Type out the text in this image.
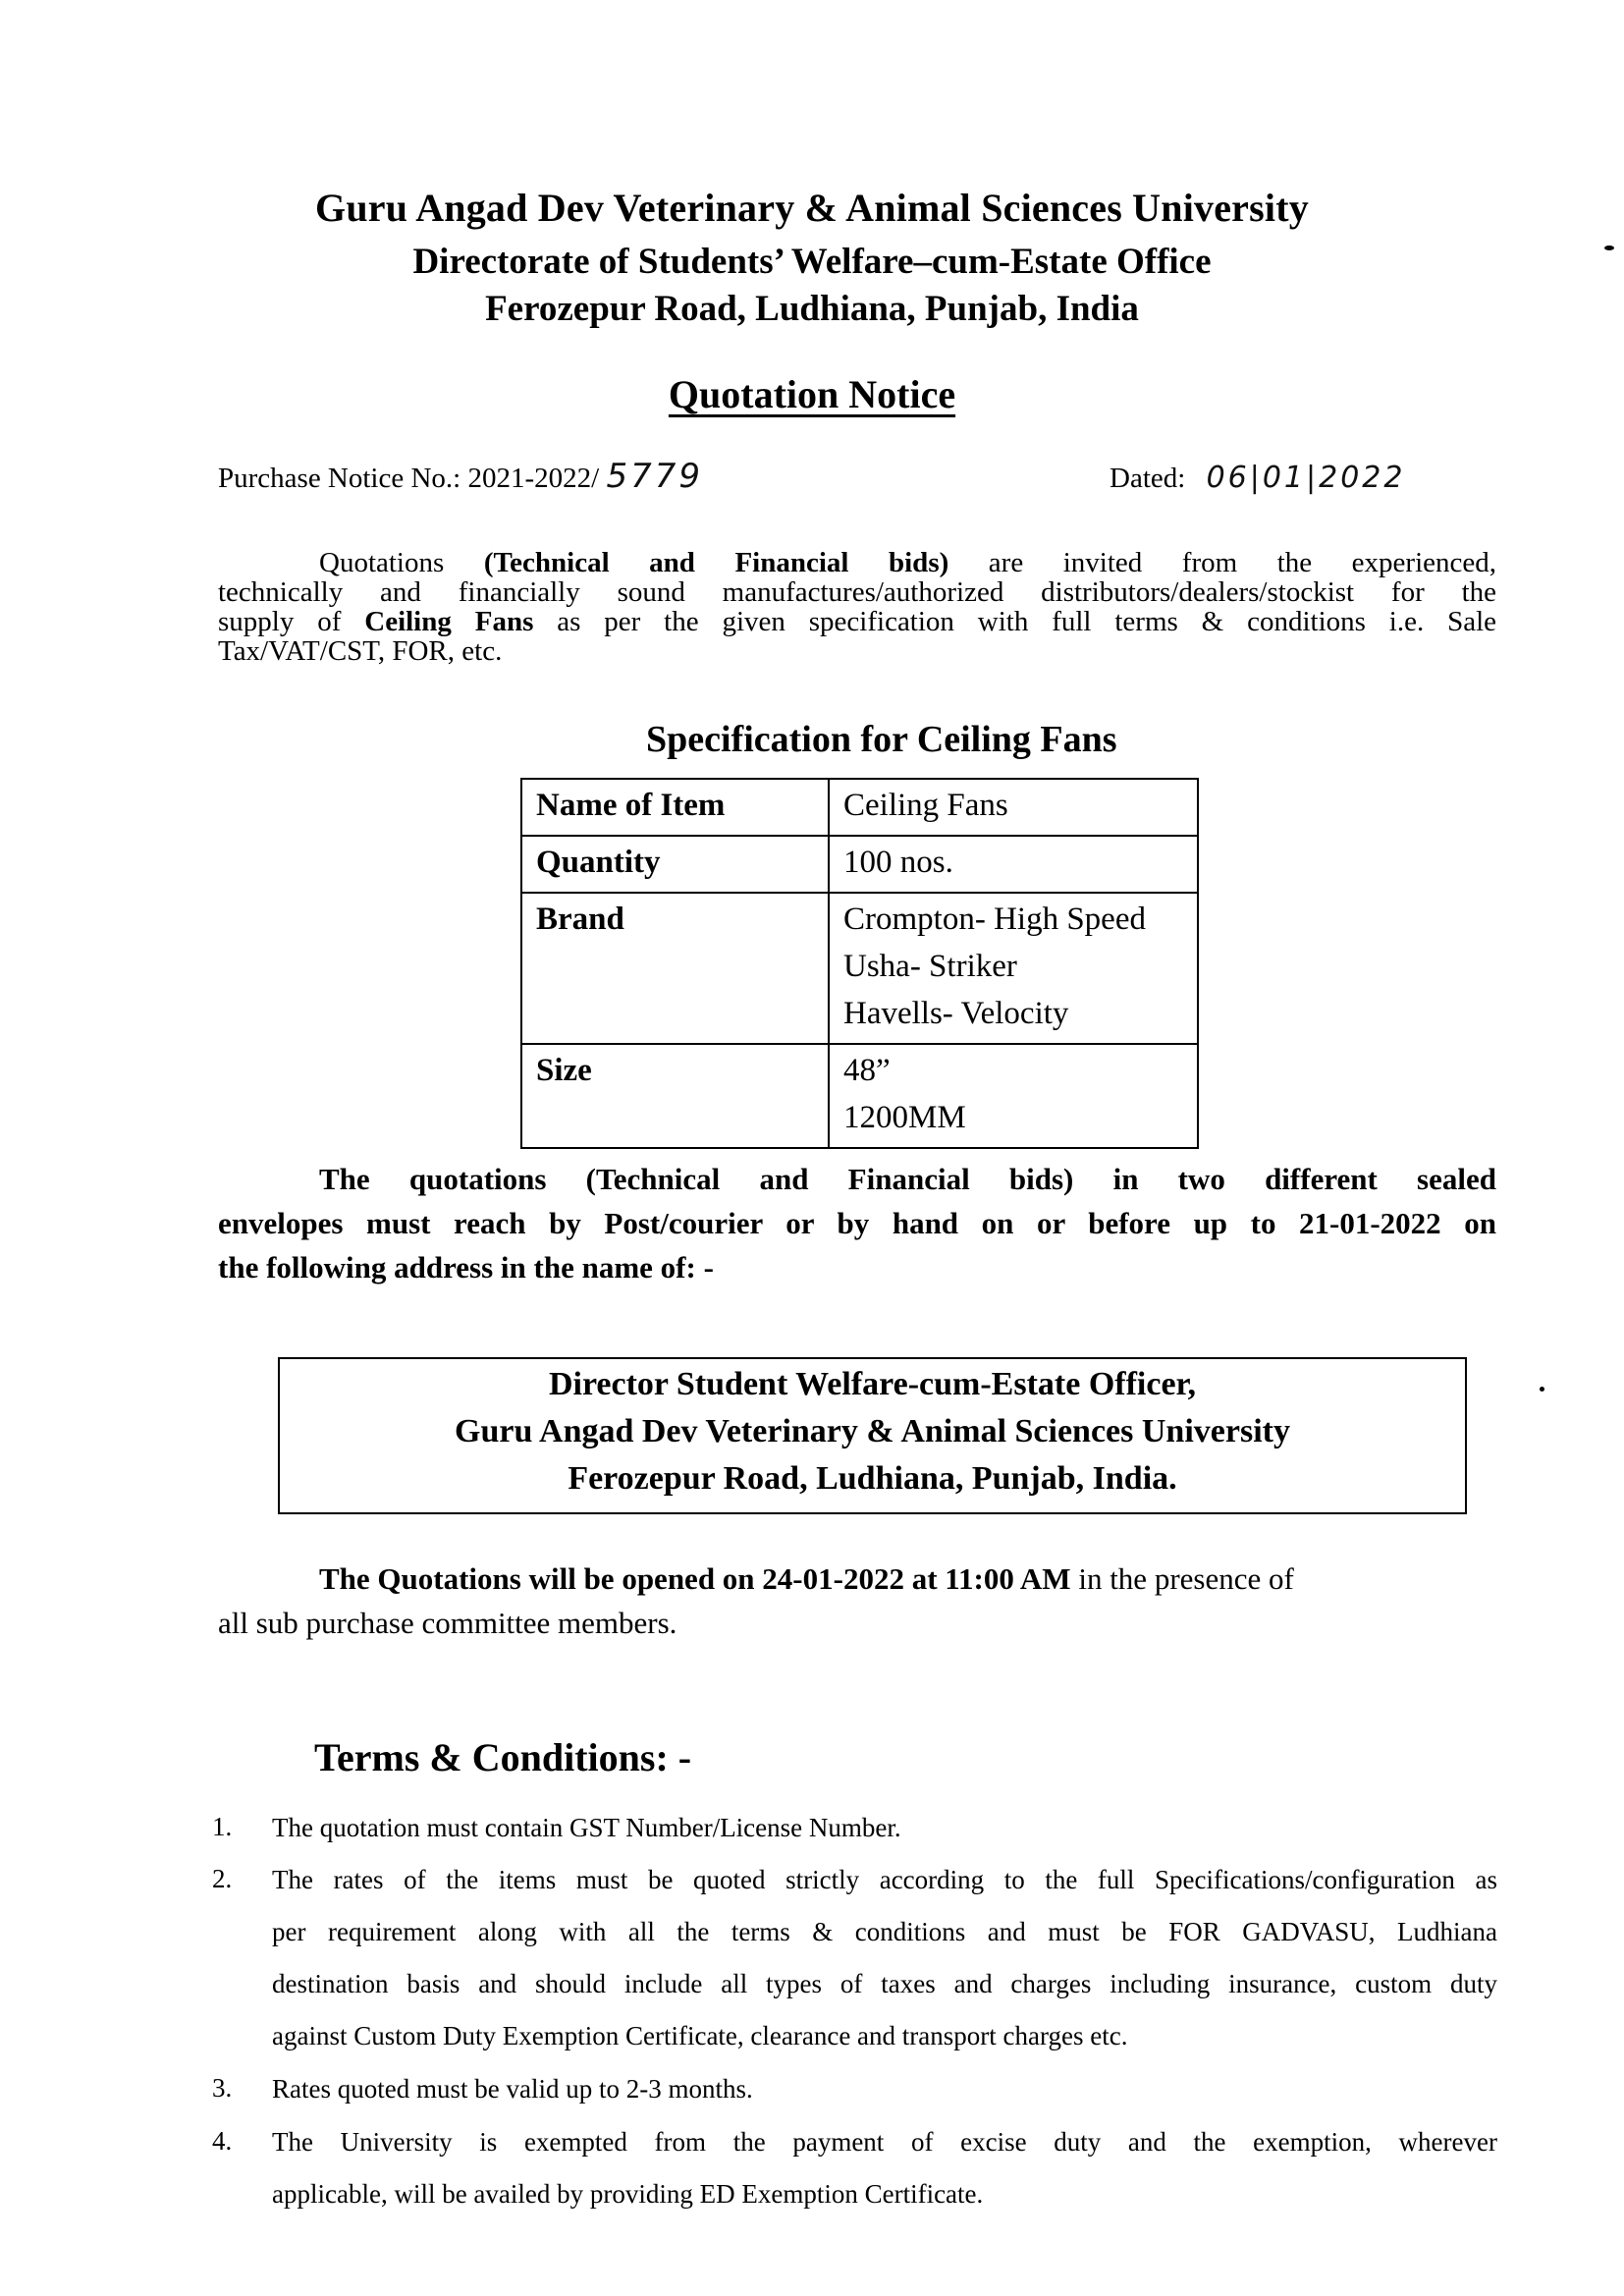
Guru Angad Dev Veterinary & Animal Sciences University
Directorate of Students’ Welfare–cum-Estate Office
Ferozepur Road, Ludhiana, Punjab, India
Quotation Notice
Purchase Notice No.: 2021-2022/ 5779	Dated: 06|01|2022
Quotations (Technical and Financial bids) are invited from the experienced,
technically and financially sound manufactures/authorized distributors/dealers/stockist for the
supply of Ceiling Fans as per the given specification with full terms & conditions i.e. Sale
Tax/VAT/CST, FOR, etc.
Specification for Ceiling Fans
Name of Item	Ceiling Fans

Quantity	100 nos.

Brand	Crompton- High Speed
Usha- Striker
Havells- Velocity

Size	48”
1200MM
The quotations (Technical and Financial bids) in two different sealed
envelopes must reach by Post/courier or by hand on or before up to 21-01-2022 on
the following address in the name of: -
Director Student Welfare-cum-Estate Officer,
Guru Angad Dev Veterinary & Animal Sciences University
Ferozepur Road, Ludhiana, Punjab, India.
The Quotations will be opened on 24-01-2022 at 11:00 AM in the presence of
all sub purchase committee members.
Terms & Conditions: -
1. The quotation must contain GST Number/License Number.
2. The rates of the items must be quoted strictly according to the full Specifications/configuration as
per requirement along with all the terms & conditions and must be FOR GADVASU, Ludhiana
destination basis and should include all types of taxes and charges including insurance, custom duty
against Custom Duty Exemption Certificate, clearance and transport charges etc.
3. Rates quoted must be valid up to 2-3 months.
4. The University is exempted from the payment of excise duty and the exemption, wherever
applicable, will be availed by providing ED Exemption Certificate.
